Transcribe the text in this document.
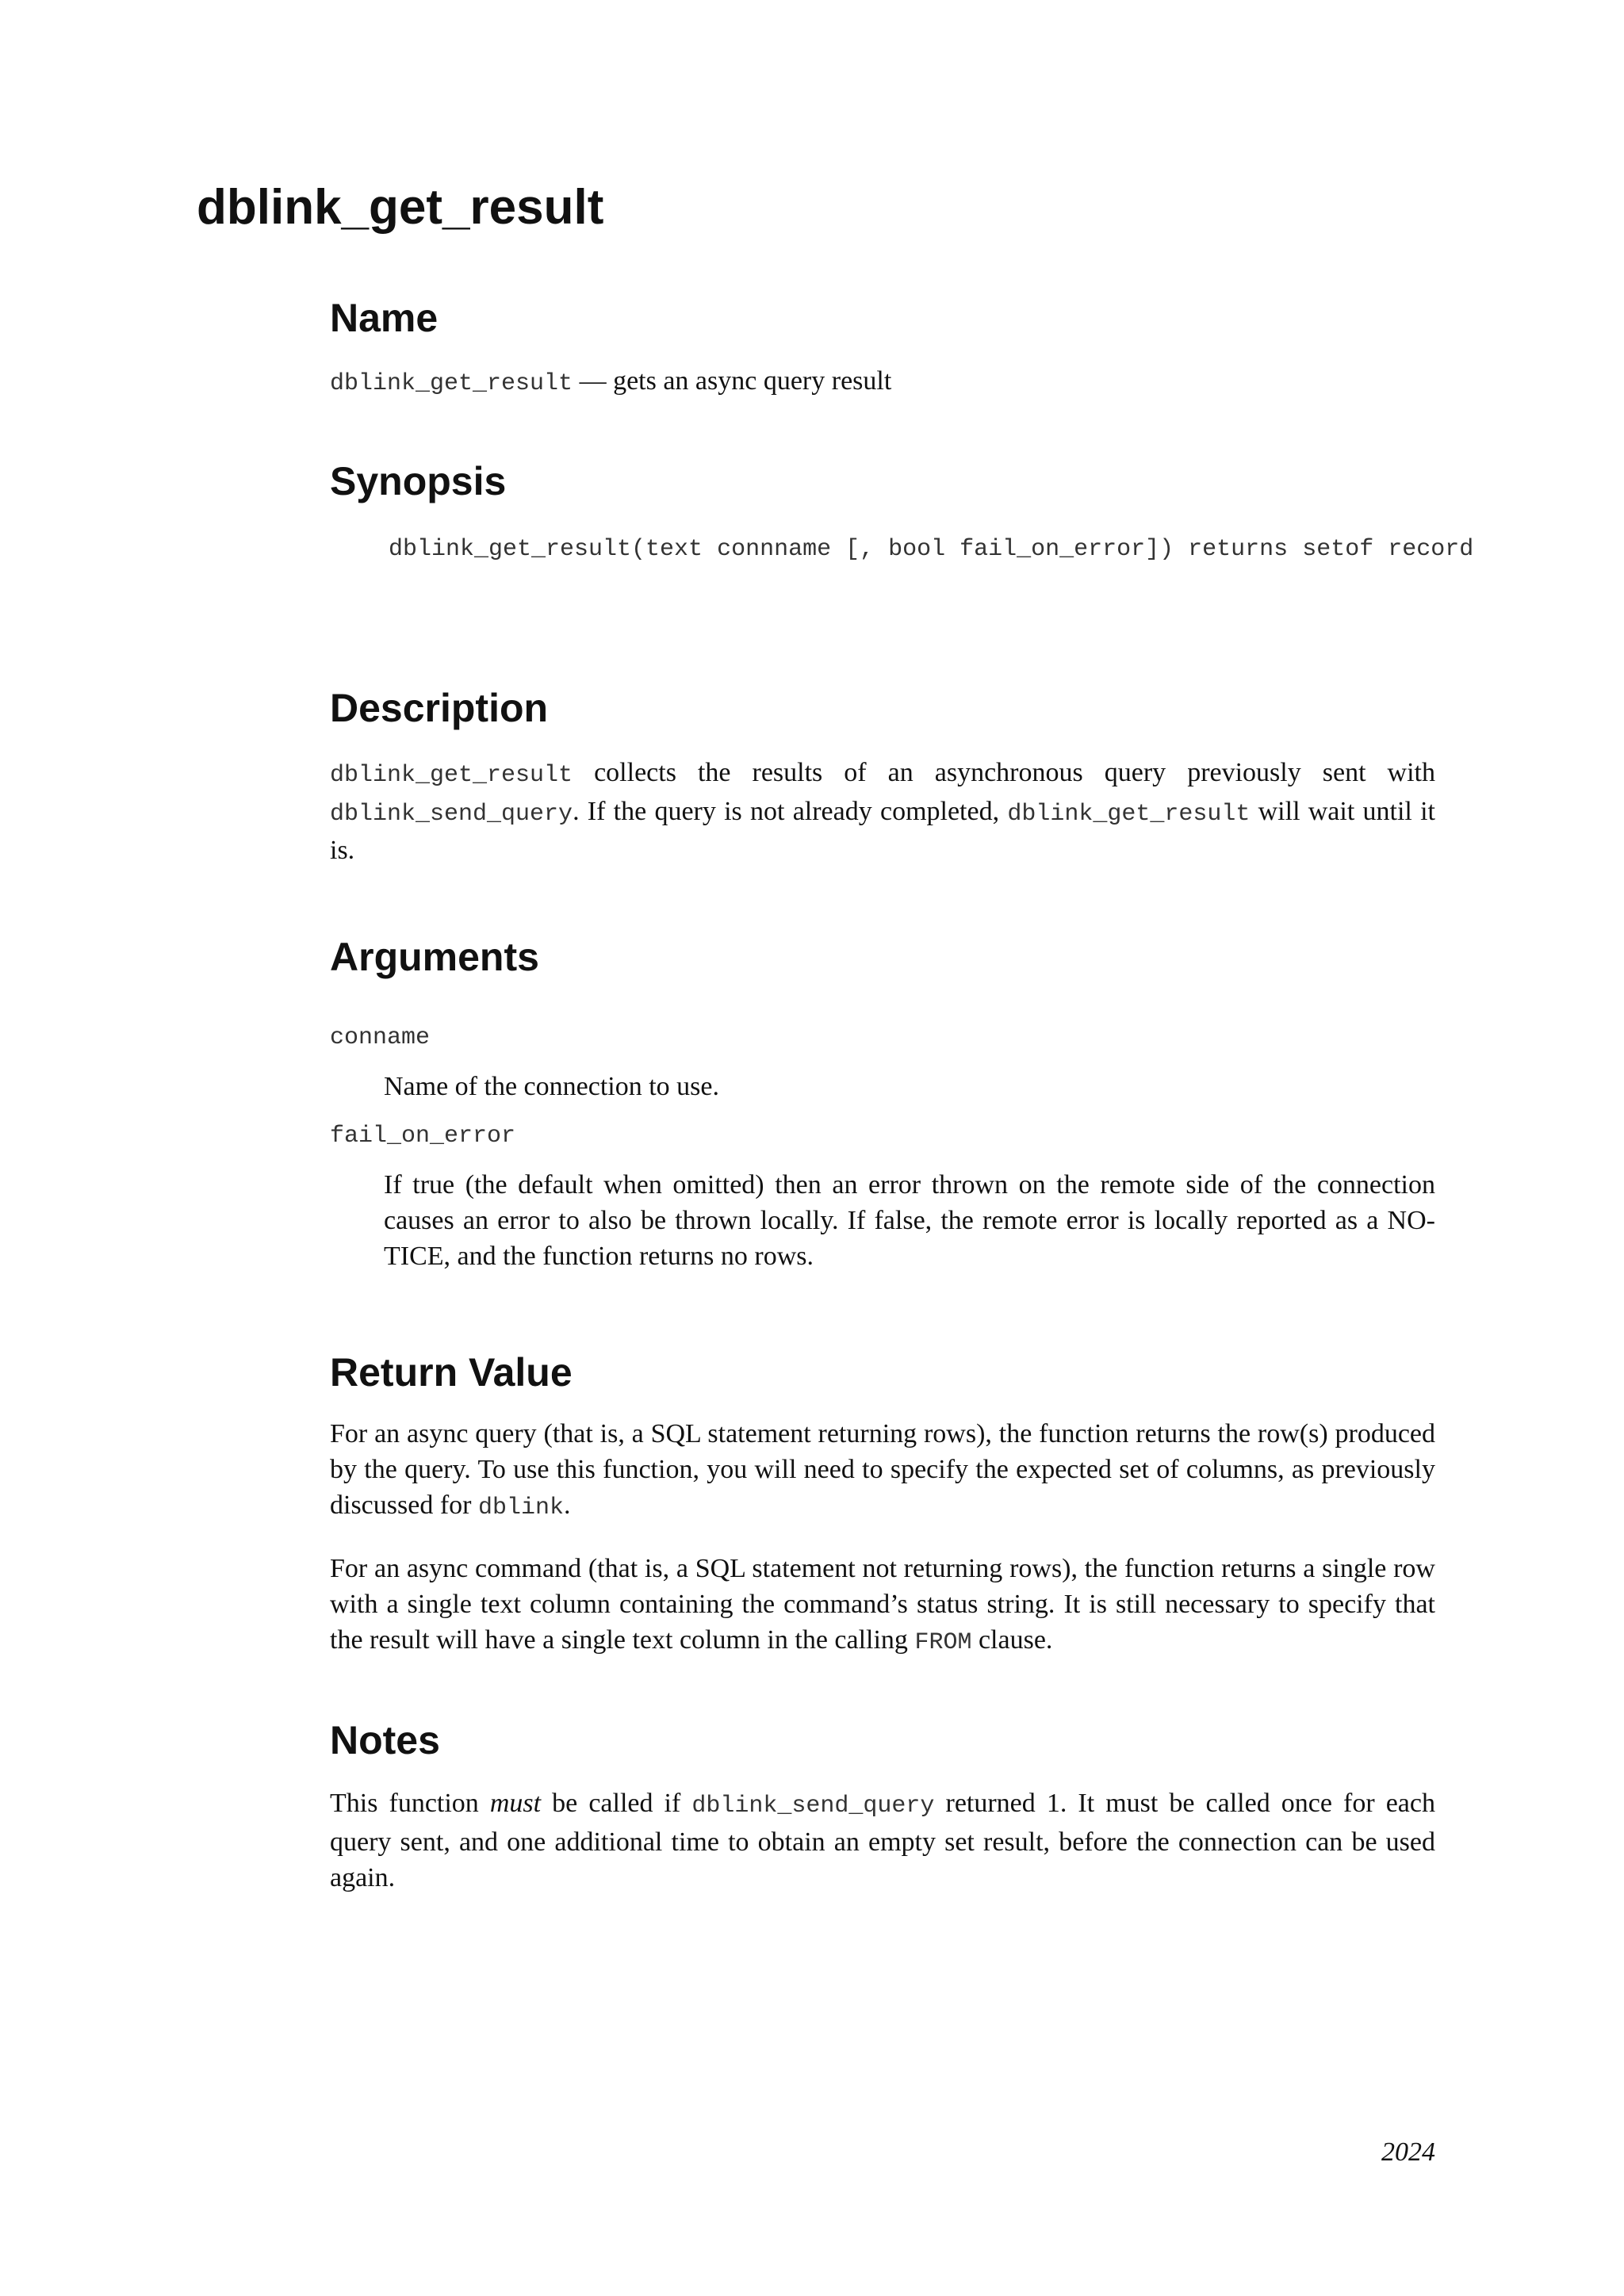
dblink_get_result
Name

dblink_get_result — gets an async query result

Synopsis
dblink_get_result(text connname [, bool fail_on_error]) returns setof record
Description

dblink_get_result collects the results of an asynchronous query previously sent with dblink_send_query. If the query is not already completed, dblink_get_result will wait until it is.

Arguments
conname

Name of the connection to use.

fail_on_error

If true (the default when omitted) then an error thrown on the remote side of the connection causes an error to also be thrown locally. If false, the remote error is locally reported as a NO-TICE, and the function returns no rows.

Return Value

For an async query (that is, a SQL statement returning rows), the function returns the row(s) produced by the query. To use this function, you will need to specify the expected set of columns, as previously discussed for dblink.

For an async command (that is, a SQL statement not returning rows), the function returns a single row with a single text column containing the command’s status string. It is still necessary to specify that the result will have a single text column in the calling FROM clause.

Notes

This function must be called if dblink_send_query returned 1. It must be called once for each query sent, and one additional time to obtain an empty set result, before the connection can be used again.

2024
